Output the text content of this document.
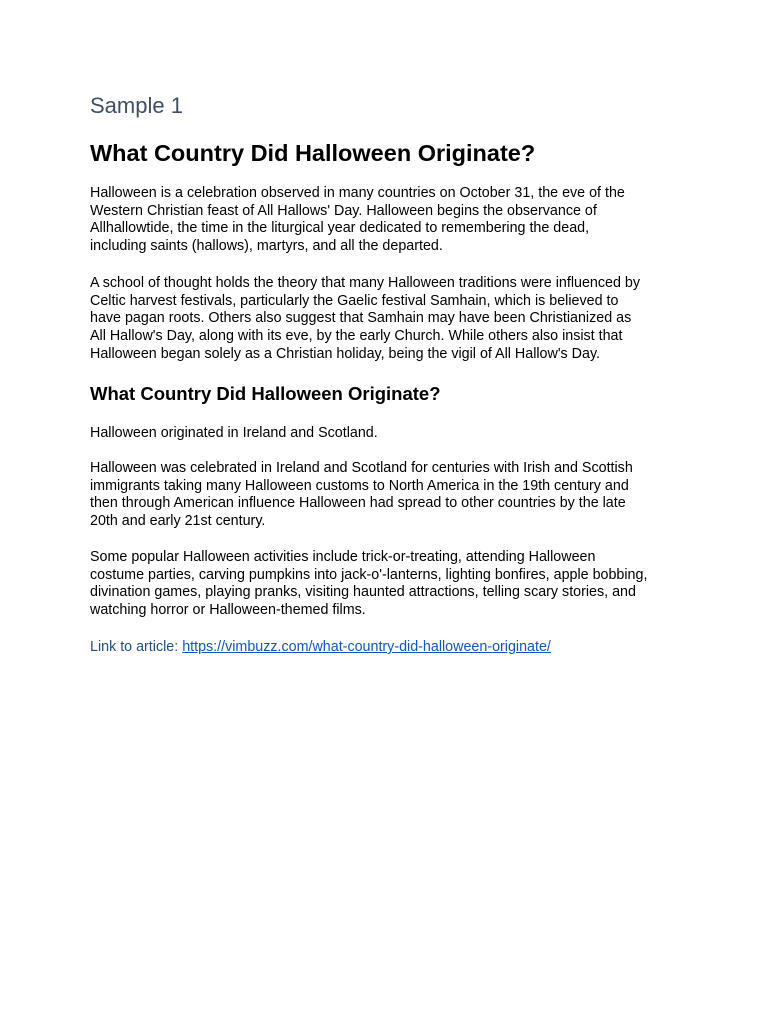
Sample 1
What Country Did Halloween Originate?

Halloween is a celebration observed in many countries on October 31, the eve of the
Western Christian feast of All Hallows' Day. Halloween begins the observance of
Allhallowtide, the time in the liturgical year dedicated to remembering the dead,
including saints (hallows), martyrs, and all the departed.

A school of thought holds the theory that many Halloween traditions were influenced by
Celtic harvest festivals, particularly the Gaelic festival Samhain, which is believed to
have pagan roots. Others also suggest that Samhain may have been Christianized as
All Hallow's Day, along with its eve, by the early Church. While others also insist that
Halloween began solely as a Christian holiday, being the vigil of All Hallow's Day.

What Country Did Halloween Originate?

Halloween originated in Ireland and Scotland.

Halloween was celebrated in Ireland and Scotland for centuries with Irish and Scottish
immigrants taking many Halloween customs to North America in the 19th century and
then through American influence Halloween had spread to other countries by the late
20th and early 21st century.

Some popular Halloween activities include trick-or-treating, attending Halloween
costume parties, carving pumpkins into jack-o'-lanterns, lighting bonfires, apple bobbing,
divination games, playing pranks, visiting haunted attractions, telling scary stories, and
watching horror or Halloween-themed films.

Link to article: https://vimbuzz.com/what-country-did-halloween-originate/
